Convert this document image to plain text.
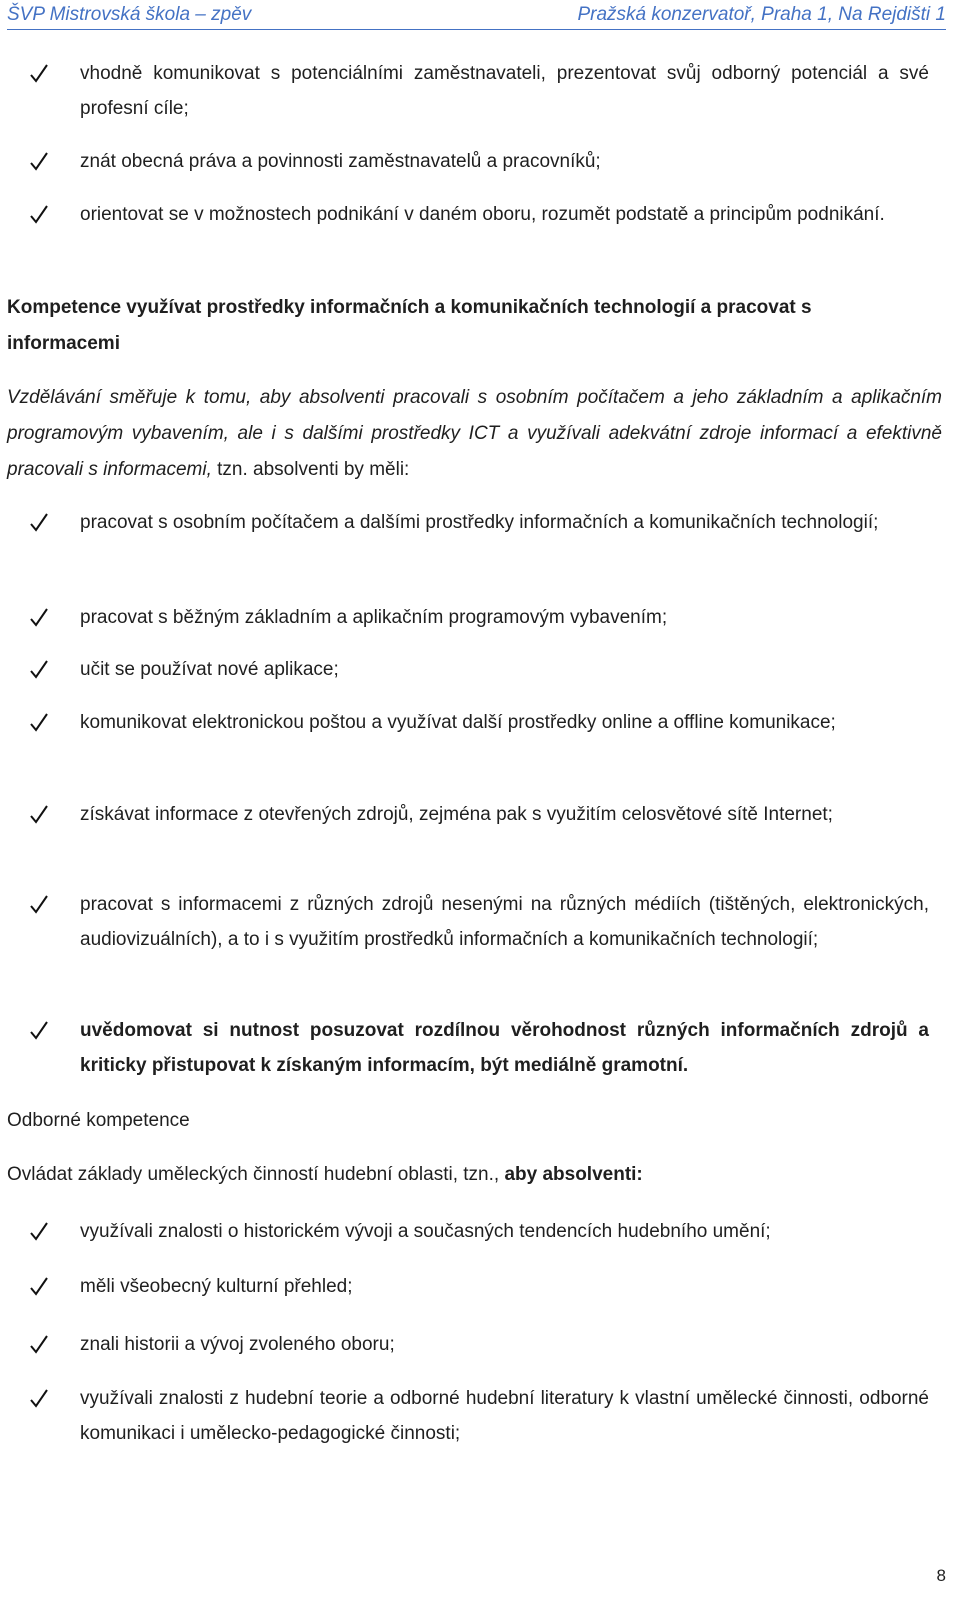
ŠVP Mistrovská škola – zpěv	Pražská konzervatoř, Praha 1, Na Rejdišti 1
vhodně komunikovat s potenciálními zaměstnavateli, prezentovat svůj odborný potenciál a své profesní cíle;
znát obecná práva a povinnosti zaměstnavatelů a pracovníků;
orientovat se v možnostech podnikání v daném oboru, rozumět podstatě a principům podnikání.
Kompetence využívat prostředky informačních a komunikačních technologií a pracovat s informacemi
Vzdělávání směřuje k tomu, aby absolventi pracovali s osobním počítačem a jeho základním a aplikačním programovým vybavením, ale i s dalšími prostředky ICT a využívali adekvátní zdroje informací a efektivně pracovali s informacemi, tzn. absolventi by měli:
pracovat s osobním počítačem a dalšími prostředky informačních a komunikačních technologií;
pracovat s běžným základním a aplikačním programovým vybavením;
učit se používat nové aplikace;
komunikovat elektronickou poštou a využívat další prostředky online a offline komunikace;
získávat informace z otevřených zdrojů, zejména pak s využitím celosvětové sítě Internet;
pracovat s informacemi z různých zdrojů nesenými na různých médiích (tištěných, elektronických, audiovizuálních), a to i s využitím prostředků informačních a komunikačních technologií;
uvědomovat si nutnost posuzovat rozdílnou věrohodnost různých informačních zdrojů a kriticky přistupovat k získaným informacím, být mediálně gramotní.
Odborné kompetence
Ovládat základy uměleckých činností hudební oblasti, tzn., aby absolventi:
využívali znalosti o historickém vývoji a současných tendencích hudebního umění;
měli všeobecný kulturní přehled;
znali historii a vývoj zvoleného oboru;
využívali znalosti z hudební teorie a odborné hudební literatury k vlastní umělecké činnosti, odborné komunikaci i umělecko-pedagogické činnosti;
8
